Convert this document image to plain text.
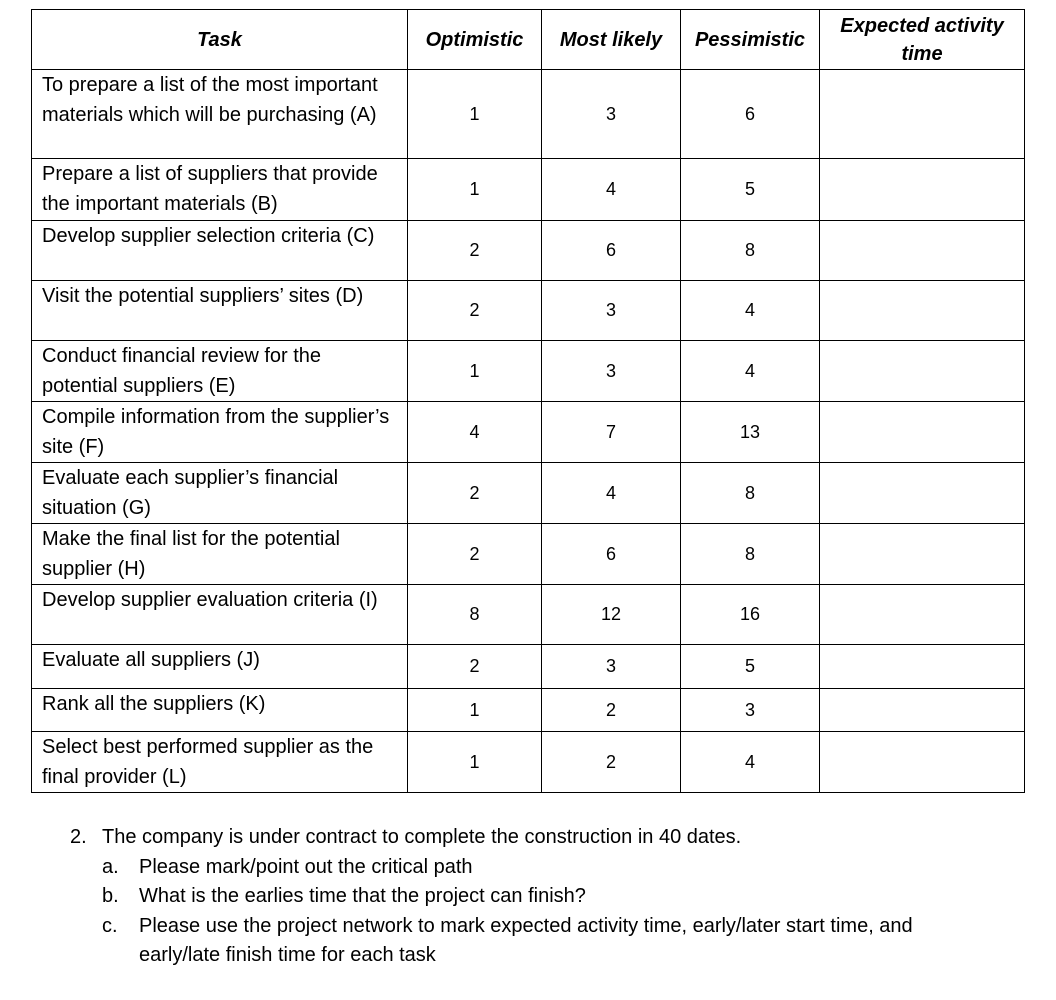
Task	Optimistic	Most likely	Pessimistic	Expected activity time
To prepare a list of the most important materials which will be purchasing (A)	1	3	6	
Prepare a list of suppliers that provide the important materials (B)	1	4	5	
Develop supplier selection criteria (C)	2	6	8	
Visit the potential suppliers’ sites (D)	2	3	4	
Conduct financial review for the potential suppliers (E)	1	3	4	
Compile information from the supplier’s site (F)	4	7	13	
Evaluate each supplier’s financial situation (G)	2	4	8	
Make the final list for the potential supplier (H)	2	6	8	
Develop supplier evaluation criteria (I)	8	12	16	
Evaluate all suppliers (J)	2	3	5	
Rank all the suppliers (K)	1	2	3	
Select best performed supplier as the final provider (L)	1	2	4	
2. The company is under contract to complete the construction in 40 dates.
a.	Please mark/point out the critical path
b.	What is the earlies time that the project can finish?
c.	Please use the project network to mark expected activity time, early/later start time, and early/late finish time for each task
